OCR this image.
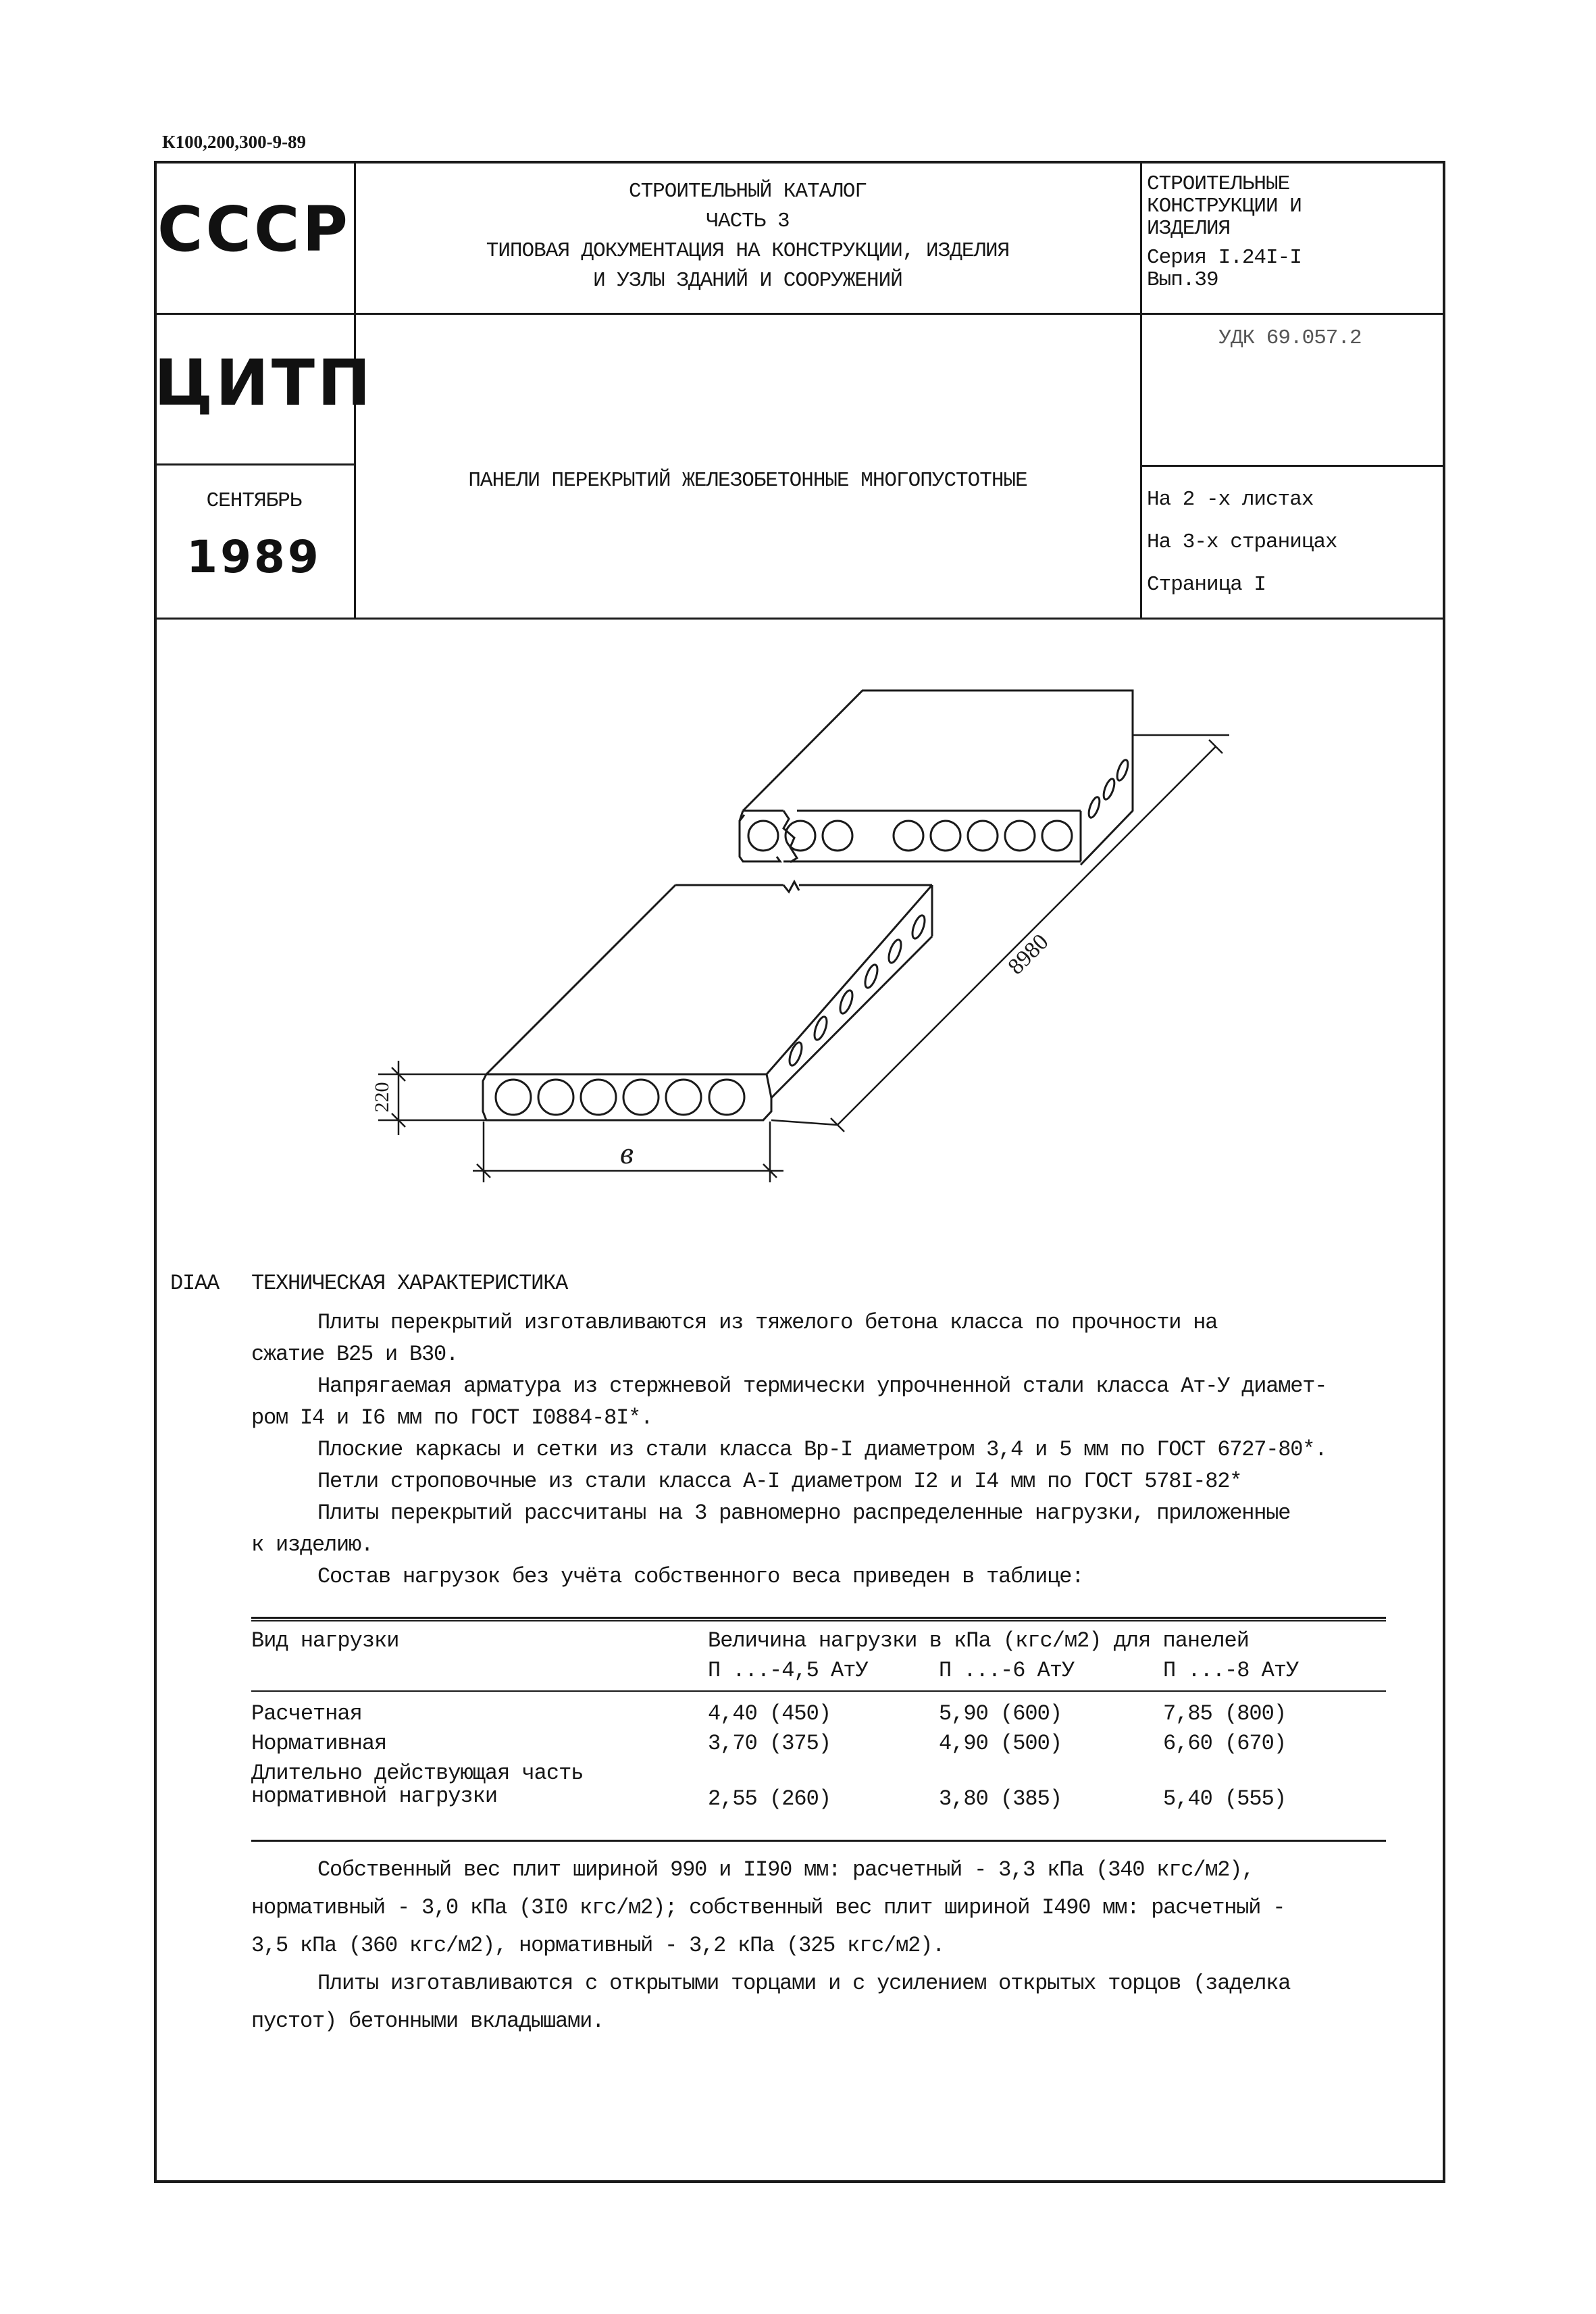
К100,200,300-9-89
СССР
ЦИТП
СЕНТЯБРЬ
1989
СТРОИТЕЛЬНЫЙ КАТАЛОГ
ЧАСТЬ 3
ТИПОВАЯ ДОКУМЕНТАЦИЯ НА КОНСТРУКЦИИ, ИЗДЕЛИЯ
И УЗЛЫ ЗДАНИЙ И СООРУЖЕНИЙ
ПАНЕЛИ ПЕРЕКРЫТИЙ ЖЕЛЕЗОБЕТОННЫЕ МНОГОПУСТОТНЫЕ
СТРОИТЕЛЬНЫЕ
КОНСТРУКЦИИ И
ИЗДЕЛИЯ
Серия I.24I-I
Вып.39
УДК 69.057.2
На 2 -х листах
На 3-х страницах
Страница I
8980
220
в
DIAA ТЕХНИЧЕСКАЯ ХАРАКТЕРИСТИКА
Плиты перекрытий изготавливаются из тяжелого бетона класса по прочности на
сжатие В25 и В30.
Напрягаемая арматура из стержневой термически упрочненной стали класса Ат-У диамет-
ром I4 и I6 мм по ГОСТ I0884-8I*.
Плоские каркасы и сетки из стали класса Вр-I диаметром 3,4 и 5 мм по ГОСТ 6727-80*.
Петли строповочные из стали класса А-I диаметром I2 и I4 мм по ГОСТ 578I-82*
Плиты перекрытий рассчитаны на 3 равномерно распределенные нагрузки, приложенные
к изделию.
Состав нагрузок без учёта собственного веса приведен в таблице:
Вид нагрузки	Величина нагрузки в кПа (кгс/м2) для панелей
П ...-4,5 АтУ	П ...-6 АтУ	П ...-8 АтУ
Расчетная	4,40 (450)	5,90 (600)	7,85 (800)
Нормативная	3,70 (375)	4,90 (500)	6,60 (670)
Длительно действующая часть
нормативной нагрузки	2,55 (260)	3,80 (385)	5,40 (555)
Собственный вес плит шириной 990 и II90 мм: расчетный - 3,3 кПа (340 кгс/м2),
нормативный - 3,0 кПа (3I0 кгс/м2); собственный вес плит шириной I490 мм: расчетный -
3,5 кПа (360 кгс/м2), нормативный - 3,2 кПа (325 кгс/м2).
Плиты изготавливаются с открытыми торцами и с усилением открытых торцов (заделка
пустот) бетонными вкладышами.
